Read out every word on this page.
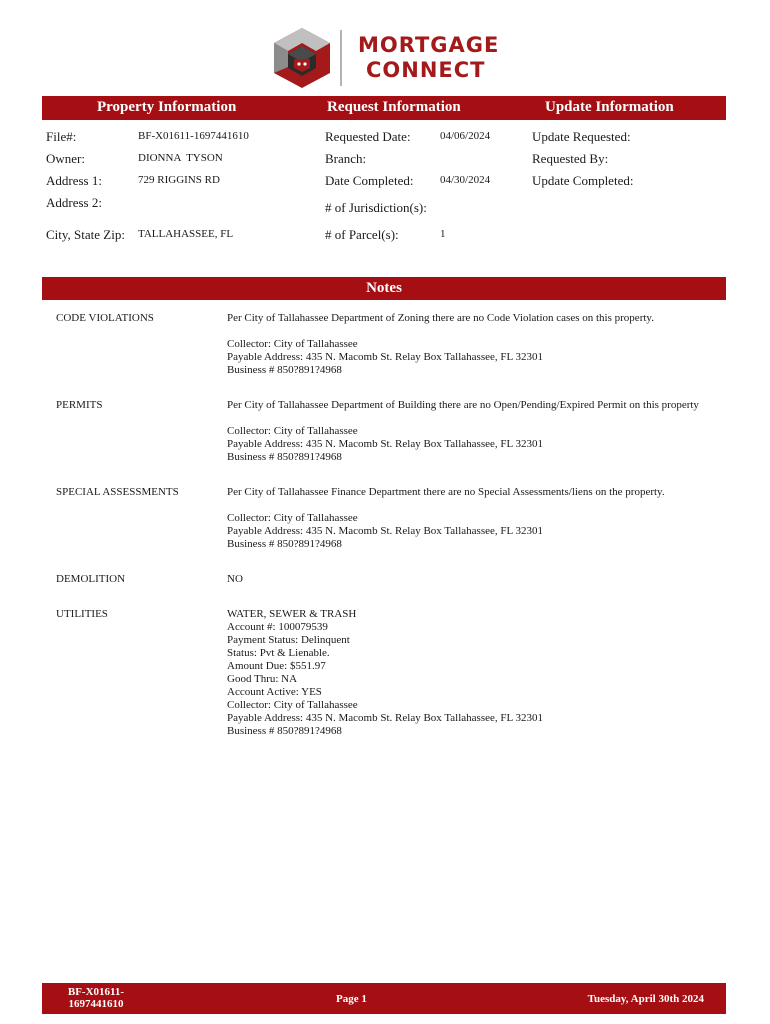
MORTGAGE
CONNECT
Property Information	Request Information	Update Information
File#:	BF-X01611-1697441610
Owner:	DIONNA  TYSON
Address 1:	729 RIGGINS RD
Address 2:
City, State Zip: TALLAHASSEE, FL
Requested Date:	04/06/2024
Branch:
Date Completed: 04/30/2024
# of Jurisdiction(s):
# of Parcel(s):	1
Update Requested:
Requested By:
Update Completed:
Notes
CODE VIOLATIONS	Per City of Tallahassee Department of Zoning there are no Code Violation cases on this property.
Collector: City of Tallahassee
Payable Address: 435 N. Macomb St. Relay Box Tallahassee, FL 32301
Business # 850?891?4968
PERMITS	Per City of Tallahassee Department of Building there are no Open/Pending/Expired Permit on this property
Collector: City of Tallahassee
Payable Address: 435 N. Macomb St. Relay Box Tallahassee, FL 32301
Business # 850?891?4968
SPECIAL ASSESSMENTS	Per City of Tallahassee Finance Department there are no Special Assessments/liens on the property.
Collector: City of Tallahassee
Payable Address: 435 N. Macomb St. Relay Box Tallahassee, FL 32301
Business # 850?891?4968
DEMOLITION	NO
UTILITIES	WATER, SEWER & TRASH
Account #: 100079539
Payment Status: Delinquent
Status: Pvt & Lienable.
Amount Due: $551.97
Good Thru: NA
Account Active: YES
Collector: City of Tallahassee
Payable Address: 435 N. Macomb St. Relay Box Tallahassee, FL 32301
Business # 850?891?4968
BF-X01611-
1697441610	Page 1	Tuesday, April 30th 2024
